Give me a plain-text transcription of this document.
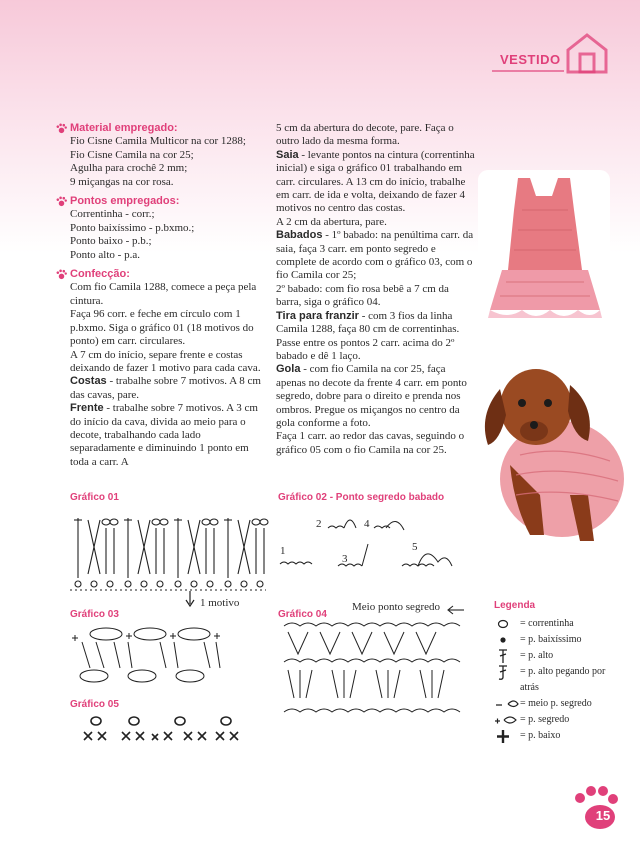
VESTIDO
Material empregado:
Fio Cisne Camila Multicor na cor 1288;
Fio Cisne Camila na cor 25;
Agulha para crochê 2 mm;
9 miçangas na cor rosa.
Pontos empregados:
Correntinha - corr.;
Ponto baixíssimo - p.bxmo.;
Ponto baixo - p.b.;
Ponto alto - p.a.
Confecção:

Com fio Camila 1288, comece a peça pela cintura.

Faça 96 corr. e feche em círculo com 1 p.bxmo. Siga o gráfico 01 (18 motivos do ponto) em carr. circulares.

A 7 cm do início, separe frente e costas deixando de fazer 1 motivo para cada cava.

Costas - trabalhe sobre 7 motivos. A 8 cm das cavas, pare.

Frente - trabalhe sobre 7 motivos. A 3 cm do início da cava, divida ao meio para o decote, trabalhando cada lado separadamente e diminuindo 1 ponto em toda a carr. A

5 cm da abertura do decote, pare. Faça o outro lado da mesma forma.

Saia - levante pontos na cintura (correntinha inicial) e siga o gráfico 01 trabalhando em carr. circulares. A 13 cm do início, trabalhe em carr. de ida e volta, deixando de fazer 4 motivos no centro das costas.

A 2 cm da abertura, pare.

Babados - 1º babado: na penúltima carr. da saia, faça 3 carr. em ponto segredo e complete de acordo com o gráfico 03, com o fio Camila cor 25;

2º babado: com fio rosa bebê a 7 cm da barra, siga o gráfico 04.

Tira para franzir - com 3 fios da linha Camila 1288, faça 80 cm de correntinhas. Passe entre os pontos 2 carr. acima do 2º babado e dê 1 laço.

Gola - com fio Camila na cor 25, faça apenas no decote da frente 4 carr. em ponto segredo, dobre para o direito e prenda nos ombros. Pregue os miçangos no centro da gola conforme a foto.

Faça 1 carr. ao redor das cavas, seguindo o gráfico 05 com o fio Camila na cor 25.

Gráfico 01
1 motivo
Gráfico 02 - Ponto segredo babado
1
2
3
4
5
Gráfico 03	Gráfico 04
Meio ponto segredo
Gráfico 05
Legenda
= correntinha
= p. baixíssimo
= p. alto
= p. alto pegando por atrás
= meio p. segredo
= p. segredo
= p. baixo
15
